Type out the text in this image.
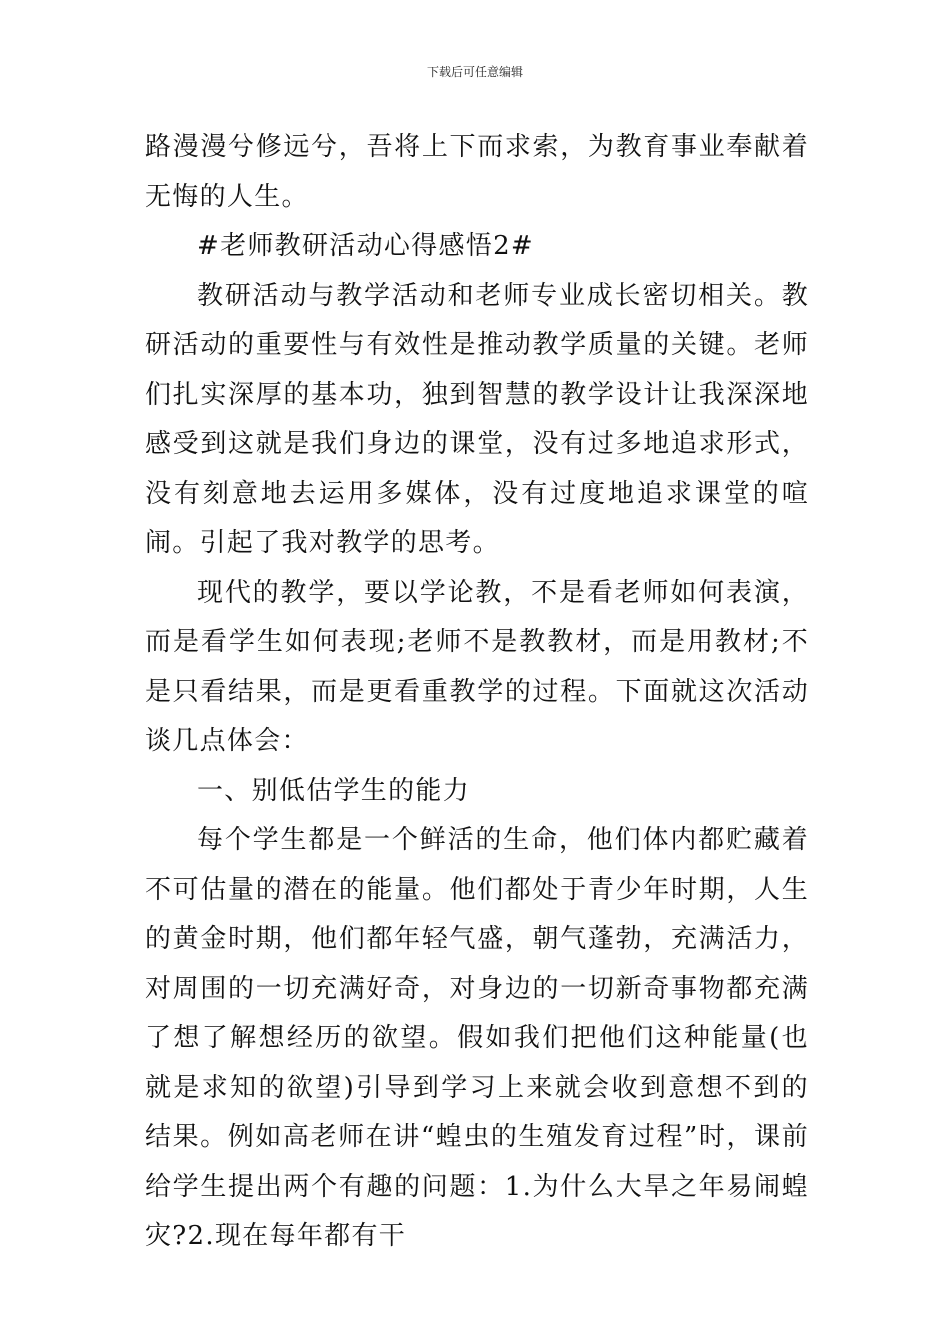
下载后可任意编辑

路漫漫兮修远兮，吾将上下而求索，为教育事业奉献着无悔的人生。

#老师教研活动心得感悟2#

教研活动与教学活动和老师专业成长密切相关。教研活动的重要性与有效性是推动教学质量的关键。老师们扎实深厚的基本功，独到智慧的教学设计让我深深地感受到这就是我们身边的课堂，没有过多地追求形式，没有刻意地去运用多媒体，没有过度地追求课堂的喧闹。引起了我对教学的思考。

现代的教学，要以学论教，不是看老师如何表演，而是看学生如何表现;老师不是教教材，而是用教材;不是只看结果，而是更看重教学的过程。下面就这次活动谈几点体会：

一、别低估学生的能力

每个学生都是一个鲜活的生命，他们体内都贮藏着不可估量的潜在的能量。他们都处于青少年时期，人生的黄金时期，他们都年轻气盛，朝气蓬勃，充满活力，对周围的一切充满好奇，对身边的一切新奇事物都充满了想了解想经历的欲望。假如我们把他们这种能量(也就是求知的欲望)引导到学习上来就会收到意想不到的结果。例如高老师在讲“蝗虫的生殖发育过程”时，课前给学生提出两个有趣的问题：1.为什么大旱之年易闹蝗灾?2.现在每年都有干
